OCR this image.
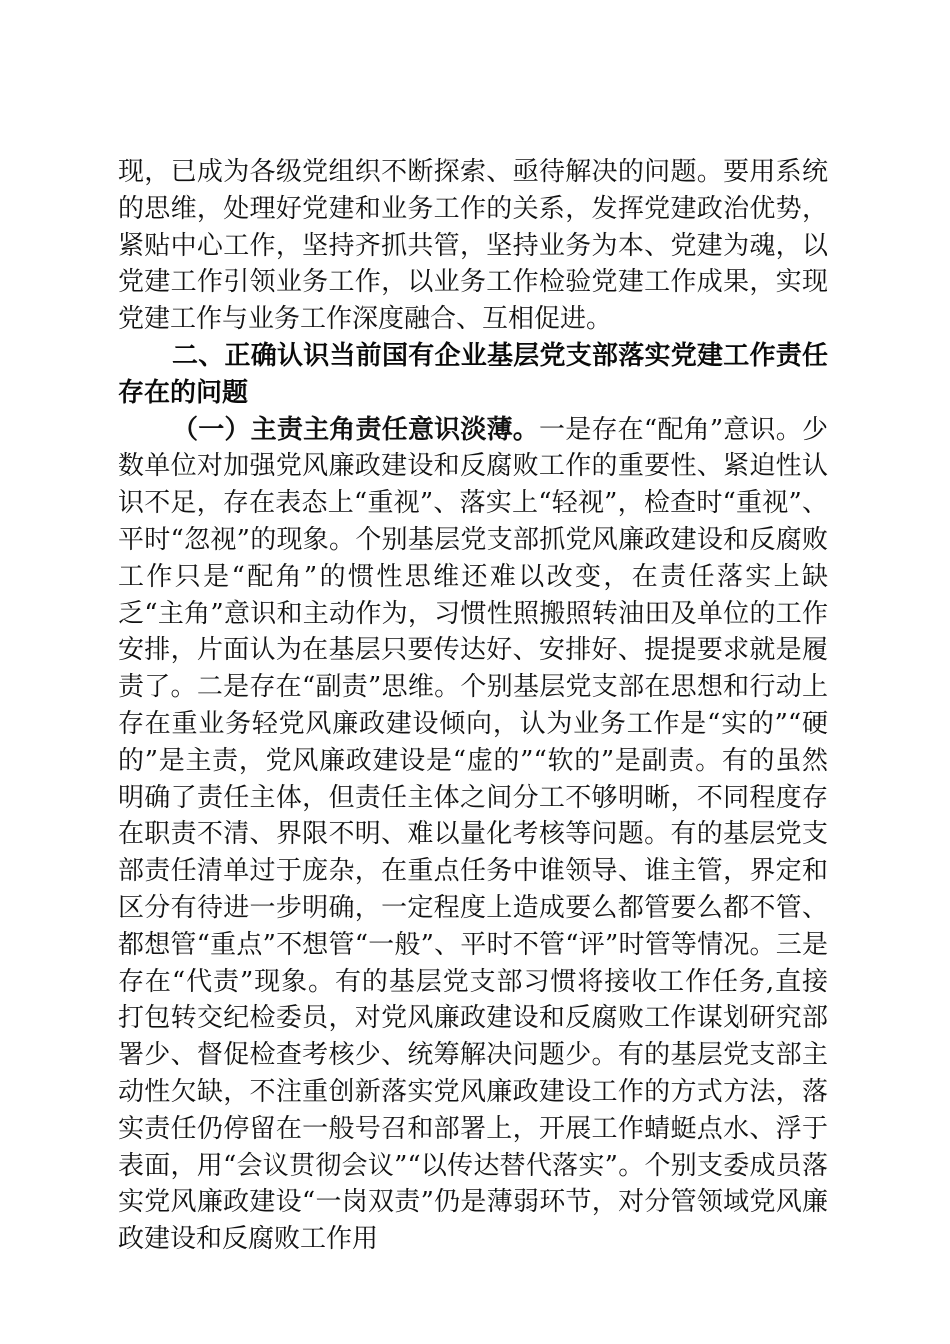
现，已成为各级党组织不断探索、亟待解决的问题。要用系统的思维，处理好党建和业务工作的关系，发挥党建政治优势，紧贴中心工作，坚持齐抓共管，坚持业务为本、党建为魂，以党建工作引领业务工作，以业务工作检验党建工作成果，实现党建工作与业务工作深度融合、互相促进。

二、正确认识当前国有企业基层党支部落实党建工作责任存在的问题

（一）主责主角责任意识淡薄。一是存在“配角”意识。少数单位对加强党风廉政建设和反腐败工作的重要性、紧迫性认识不足，存在表态上“重视”、落实上“轻视”，检查时“重视”、平时“忽视”的现象。个别基层党支部抓党风廉政建设和反腐败工作只是“配角”的惯性思维还难以改变，在责任落实上缺乏“主角”意识和主动作为，习惯性照搬照转油田及单位的工作安排，片面认为在基层只要传达好、安排好、提提要求就是履责了。二是存在“副责”思维。个别基层党支部在思想和行动上存在重业务轻党风廉政建设倾向，认为业务工作是“实的”“硬的”是主责，党风廉政建设是“虚的”“软的”是副责。有的虽然明确了责任主体，但责任主体之间分工不够明晰，不同程度存在职责不清、界限不明、难以量化考核等问题。有的基层党支部责任清单过于庞杂，在重点任务中谁领导、谁主管，界定和区分有待进一步明确，一定程度上造成要么都管要么都不管、都想管“重点”不想管“一般”、平时不管“评”时管等情况。三是存在“代责”现象。有的基层党支部习惯将接收工作任务,直接打包转交纪检委员，对党风廉政建设和反腐败工作谋划研究部署少、督促检查考核少、统筹解决问题少。有的基层党支部主动性欠缺，不注重创新落实党风廉政建设工作的方式方法，落实责任仍停留在一般号召和部署上，开展工作蜻蜓点水、浮于表面，用“会议贯彻会议”“以传达替代落实”。个别支委成员落实党风廉政建设“一岗双责”仍是薄弱环节，对分管领域党风廉政建设和反腐败工作用
